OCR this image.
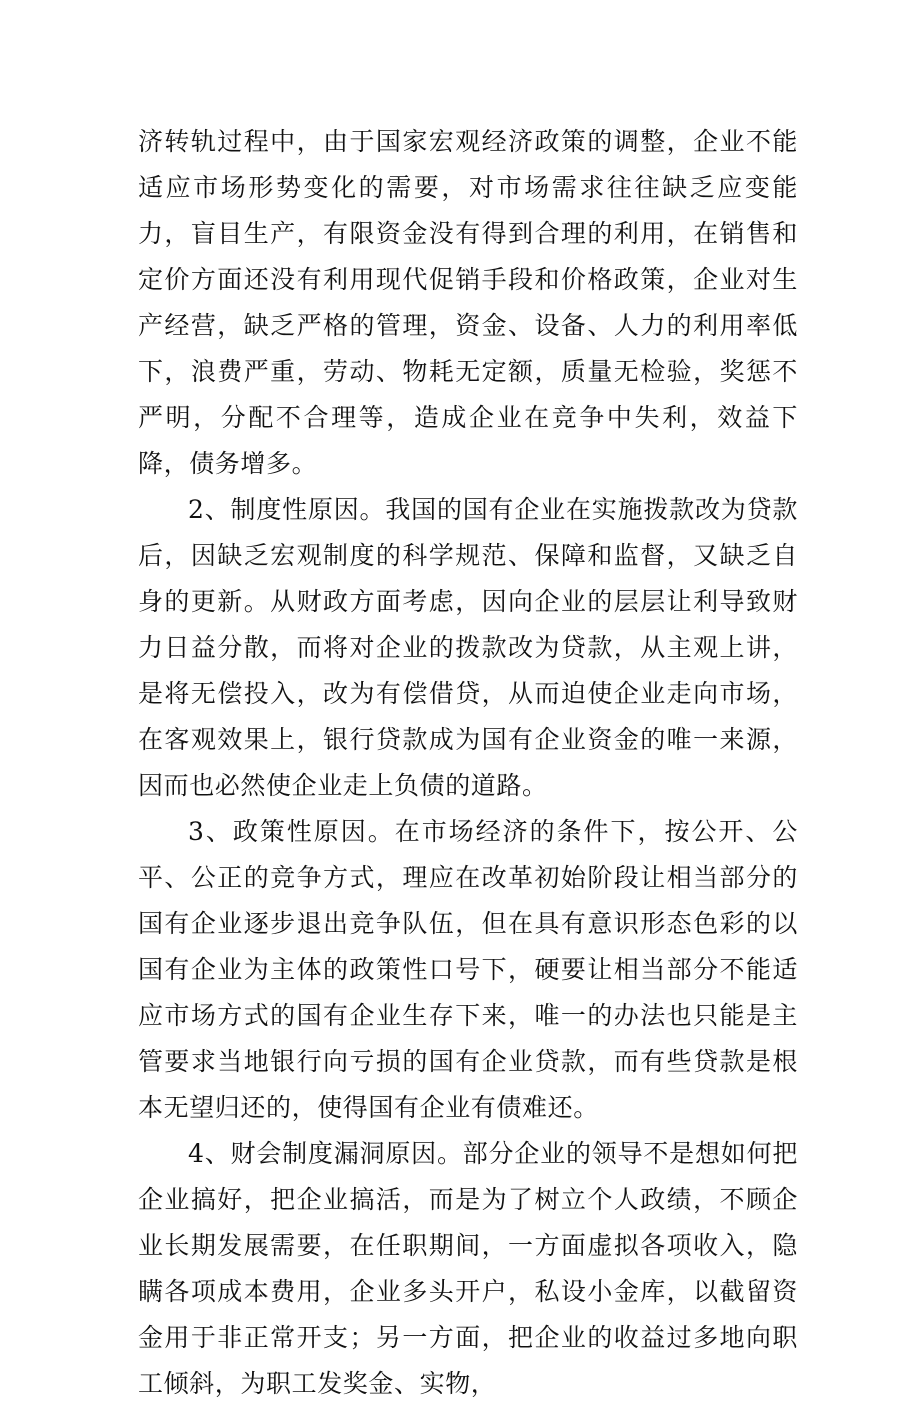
济转轨过程中，由于国家宏观经济政策的调整，企业不能适应市场形势变化的需要，对市场需求往往缺乏应变能力，盲目生产，有限资金没有得到合理的利用，在销售和定价方面还没有利用现代促销手段和价格政策，企业对生产经营，缺乏严格的管理，资金、设备、人力的利用率低下，浪费严重，劳动、物耗无定额，质量无检验，奖惩不严明，分配不合理等，造成企业在竞争中失利，效益下降，债务增多。

2、制度性原因。我国的国有企业在实施拨款改为贷款后，因缺乏宏观制度的科学规范、保障和监督，又缺乏自身的更新。从财政方面考虑，因向企业的层层让利导致财力日益分散，而将对企业的拨款改为贷款，从主观上讲，是将无偿投入，改为有偿借贷，从而迫使企业走向市场，在客观效果上，银行贷款成为国有企业资金的唯一来源，因而也必然使企业走上负债的道路。

3、政策性原因。在市场经济的条件下，按公开、公平、公正的竞争方式，理应在改革初始阶段让相当部分的国有企业逐步退出竞争队伍，但在具有意识形态色彩的以国有企业为主体的政策性口号下，硬要让相当部分不能适应市场方式的国有企业生存下来，唯一的办法也只能是主管要求当地银行向亏损的国有企业贷款，而有些贷款是根本无望归还的，使得国有企业有债难还。

4、财会制度漏洞原因。部分企业的领导不是想如何把企业搞好，把企业搞活，而是为了树立个人政绩，不顾企业长期发展需要，在任职期间，一方面虚拟各项收入，隐瞒各项成本费用，企业多头开户，私设小金库，以截留资金用于非正常开支；另一方面，把企业的收益过多地向职工倾斜，为职工发奖金、实物，
